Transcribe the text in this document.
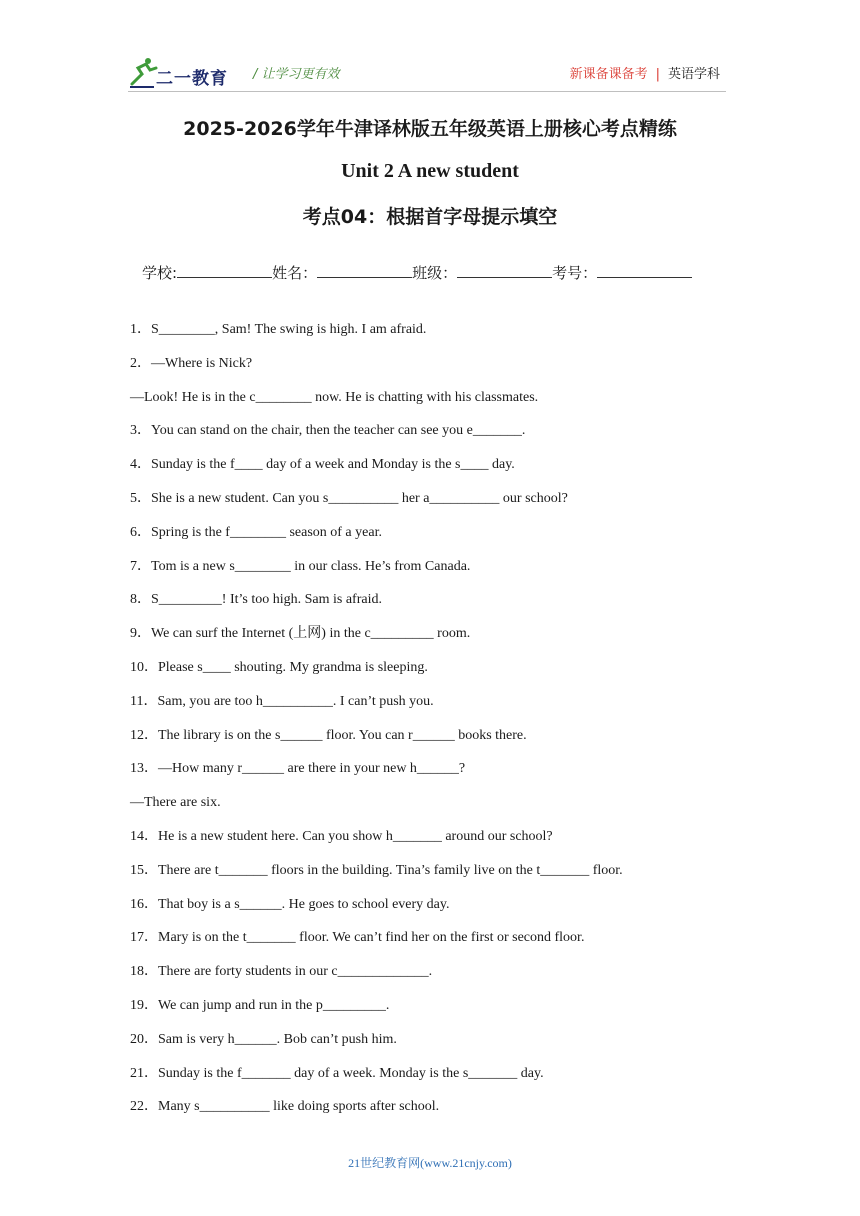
二一教育 / 让学习更有效	新课备课备考 | 英语学科
2025-2026学年牛津译林版五年级英语上册核心考点精练
Unit 2 A new student
考点04：根据首字母提示填空
学校:	姓名：	班级：	考号：
1．S________, Sam! The swing is high. I am afraid.
2．—Where is Nick?
—Look! He is in the c________ now. He is chatting with his classmates.
3．You can stand on the chair, then the teacher can see you e_______.
4．Sunday is the f____ day of a week and Monday is the s____ day.
5．She is a new student. Can you s__________ her a__________ our school?
6．Spring is the f________ season of a year.
7．Tom is a new s________ in our class. He’s from Canada.
8．S_________! It’s too high. Sam is afraid.
9．We can surf the Internet (上网) in the c_________ room.
10．Please s____ shouting. My grandma is sleeping.
11．Sam, you are too h__________. I can’t push you.
12．The library is on the s______ floor. You can r______ books there.
13．—How many r______ are there in your new h______?
—There are six.
14．He is a new student here. Can you show h_______ around our school?
15．There are t_______ floors in the building. Tina’s family live on the t_______ floor.
16．That boy is a s______. He goes to school every day.
17．Mary is on the t_______ floor. We can’t find her on the first or second floor.
18．There are forty students in our c_____________.
19．We can jump and run in the p_________.
20．Sam is very h______. Bob can’t push him.
21．Sunday is the f_______ day of a week. Monday is the s_______ day.
22．Many s__________ like doing sports after school.
21世纪教育网(www.21cnjy.com)
